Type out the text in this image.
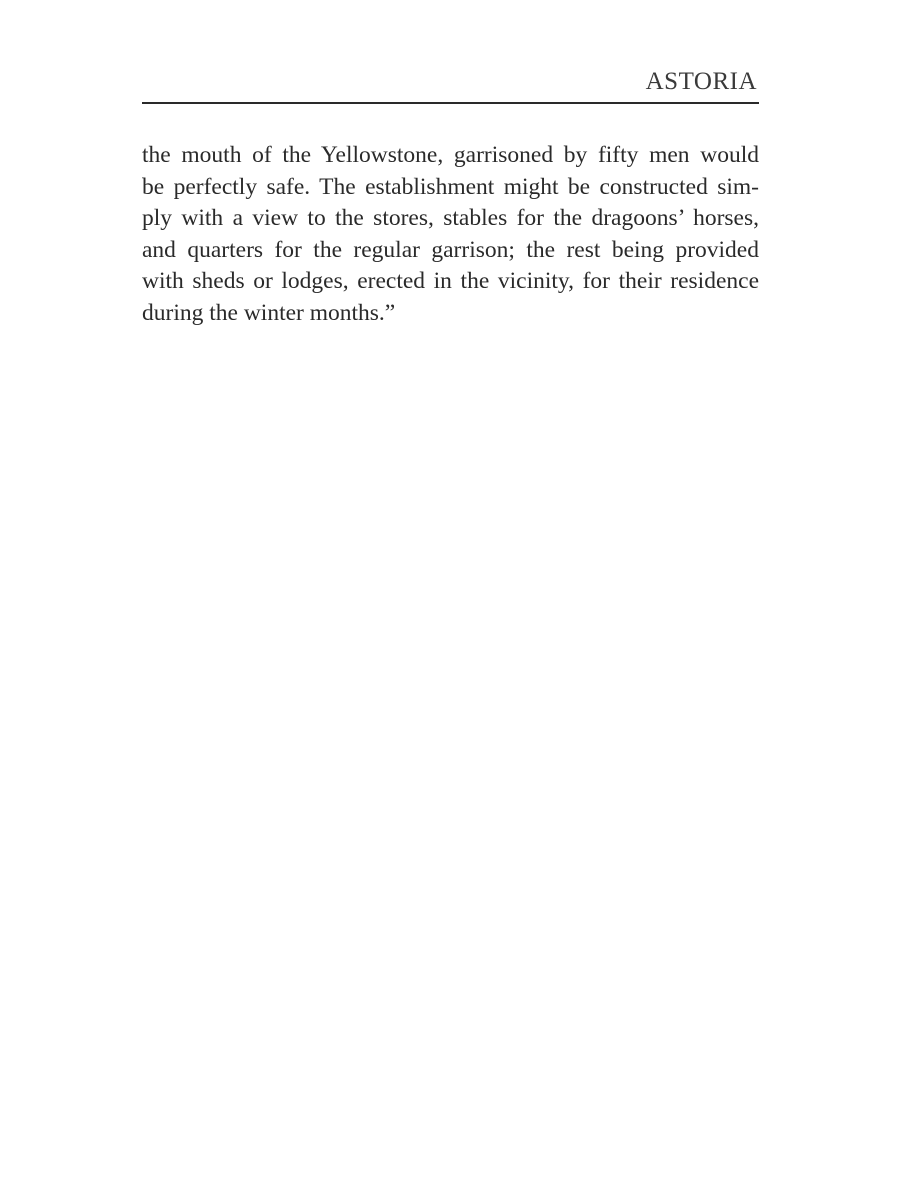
ASTORIA
the mouth of the Yellowstone, garrisoned by fifty men would
be perfectly safe. The establishment might be constructed sim-
ply with a view to the stores, stables for the dragoons’ horses,
and quarters for the regular garrison; the rest being provided
with sheds or lodges, erected in the vicinity, for their residence
during the winter months.”
